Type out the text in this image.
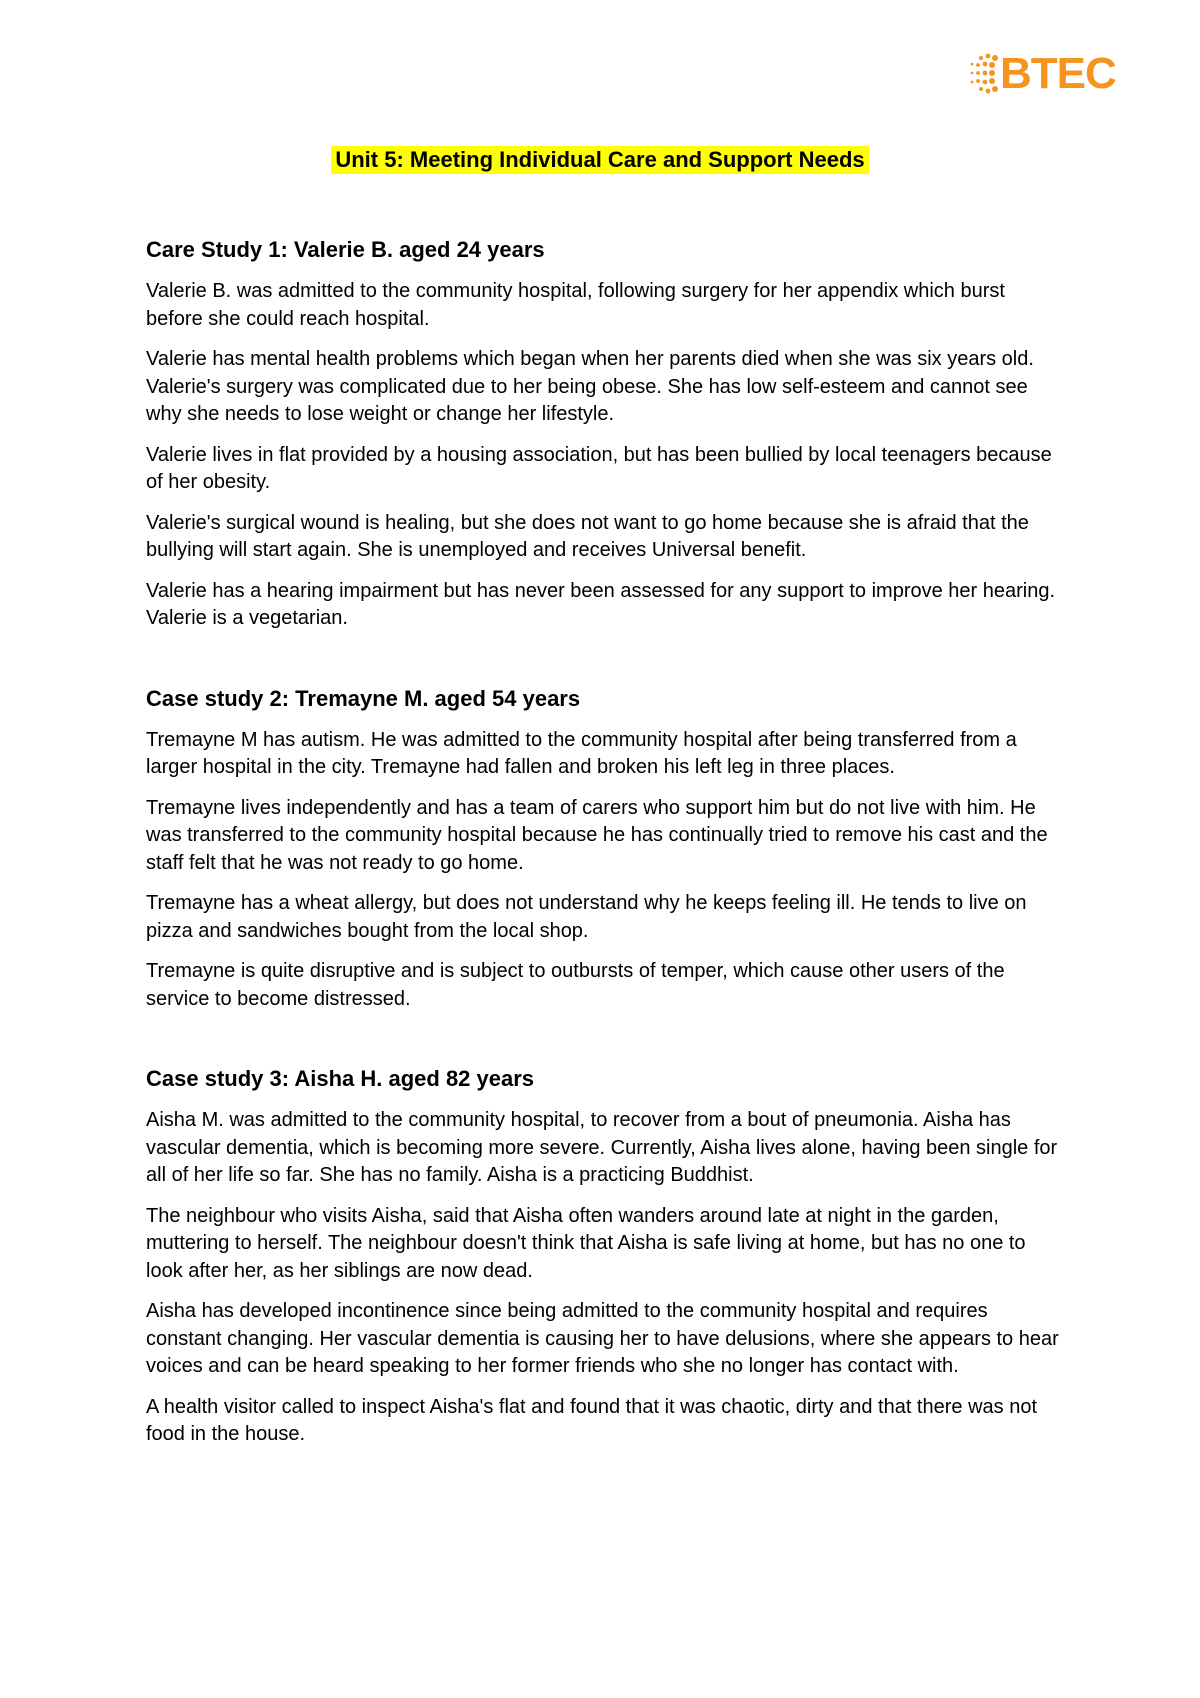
BTEC
Unit 5: Meeting Individual Care and Support Needs
Care Study 1: Valerie B. aged 24 years

Valerie B. was admitted to the community hospital, following surgery for her appendix which burst before she could reach hospital.

Valerie has mental health problems which began when her parents died when she was six years old. Valerie's surgery was complicated due to her being obese. She has low self-esteem and cannot see why she needs to lose weight or change her lifestyle.

Valerie lives in flat provided by a housing association, but has been bullied by local teenagers because of her obesity.

Valerie's surgical wound is healing, but she does not want to go home because she is afraid that the bullying will start again. She is unemployed and receives Universal benefit.

Valerie has a hearing impairment but has never been assessed for any support to improve her hearing. Valerie is a vegetarian.

Case study 2: Tremayne M. aged 54 years

Tremayne M has autism. He was admitted to the community hospital after being transferred from a larger hospital in the city. Tremayne had fallen and broken his left leg in three places.

Tremayne lives independently and has a team of carers who support him but do not live with him. He was transferred to the community hospital because he has continually tried to remove his cast and the staff felt that he was not ready to go home.

Tremayne has a wheat allergy, but does not understand why he keeps feeling ill. He tends to live on pizza and sandwiches bought from the local shop.

Tremayne is quite disruptive and is subject to outbursts of temper, which cause other users of the service to become distressed.

Case study 3: Aisha H. aged 82 years

Aisha M. was admitted to the community hospital, to recover from a bout of pneumonia. Aisha has vascular dementia, which is becoming more severe. Currently, Aisha lives alone, having been single for all of her life so far. She has no family. Aisha is a practicing Buddhist.

The neighbour who visits Aisha, said that Aisha often wanders around late at night in the garden, muttering to herself. The neighbour doesn't think that Aisha is safe living at home, but has no one to look after her, as her siblings are now dead.

Aisha has developed incontinence since being admitted to the community hospital and requires constant changing. Her vascular dementia is causing her to have delusions, where she appears to hear voices and can be heard speaking to her former friends who she no longer has contact with.

A health visitor called to inspect Aisha's flat and found that it was chaotic, dirty and that there was not food in the house.
